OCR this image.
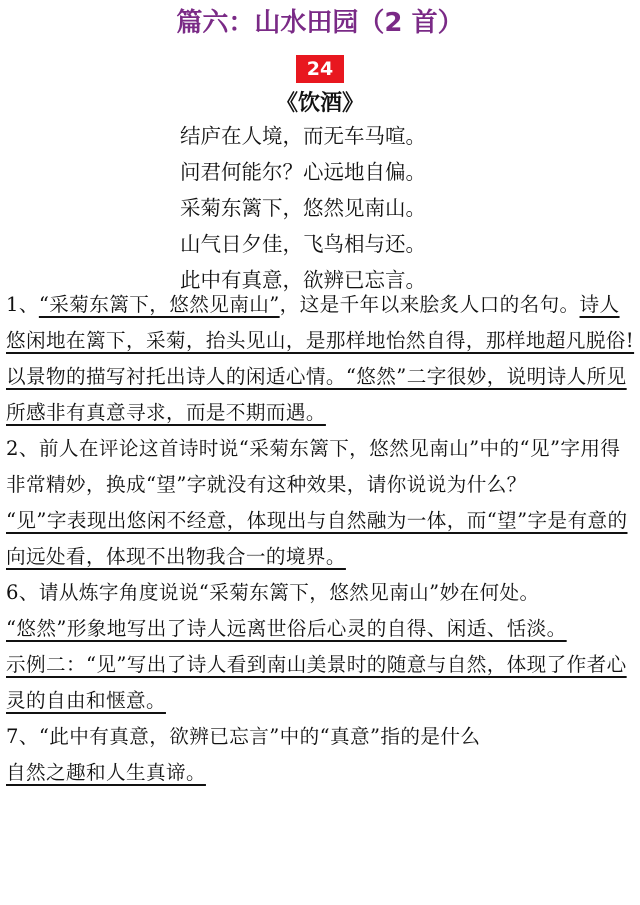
篇六：山水田园（2 首）
24
《饮酒》
结庐在人境，而无车马喧。
问君何能尔？心远地自偏。
采菊东篱下，悠然见南山。
山气日夕佳，飞鸟相与还。
此中有真意，欲辨已忘言。

1、“采菊东篱下，悠然见南山”，这是千年以来脍炙人口的名句。诗人悠闲地在篱下，采菊，抬头见山，是那样地怡然自得，那样地超凡脱俗!以景物的描写衬托出诗人的闲适心情。“悠然”二字很妙，说明诗人所见所感非有真意寻求，而是不期而遇。

2、前人在评论这首诗时说“采菊东篱下，悠然见南山”中的“见”字用得非常精妙，换成“望”字就没有这种效果，请你说说为什么？

“见”字表现出悠闲不经意，体现出与自然融为一体，而“望”字是有意的向远处看，体现不出物我合一的境界。

6、请从炼字角度说说“采菊东篱下，悠然见南山”妙在何处。

“悠然”形象地写出了诗人远离世俗后心灵的自得、闲适、恬淡。

示例二：“见”写出了诗人看到南山美景时的随意与自然，体现了作者心灵的自由和惬意。

7、“此中有真意，欲辨已忘言”中的“真意”指的是什么

自然之趣和人生真谛。
